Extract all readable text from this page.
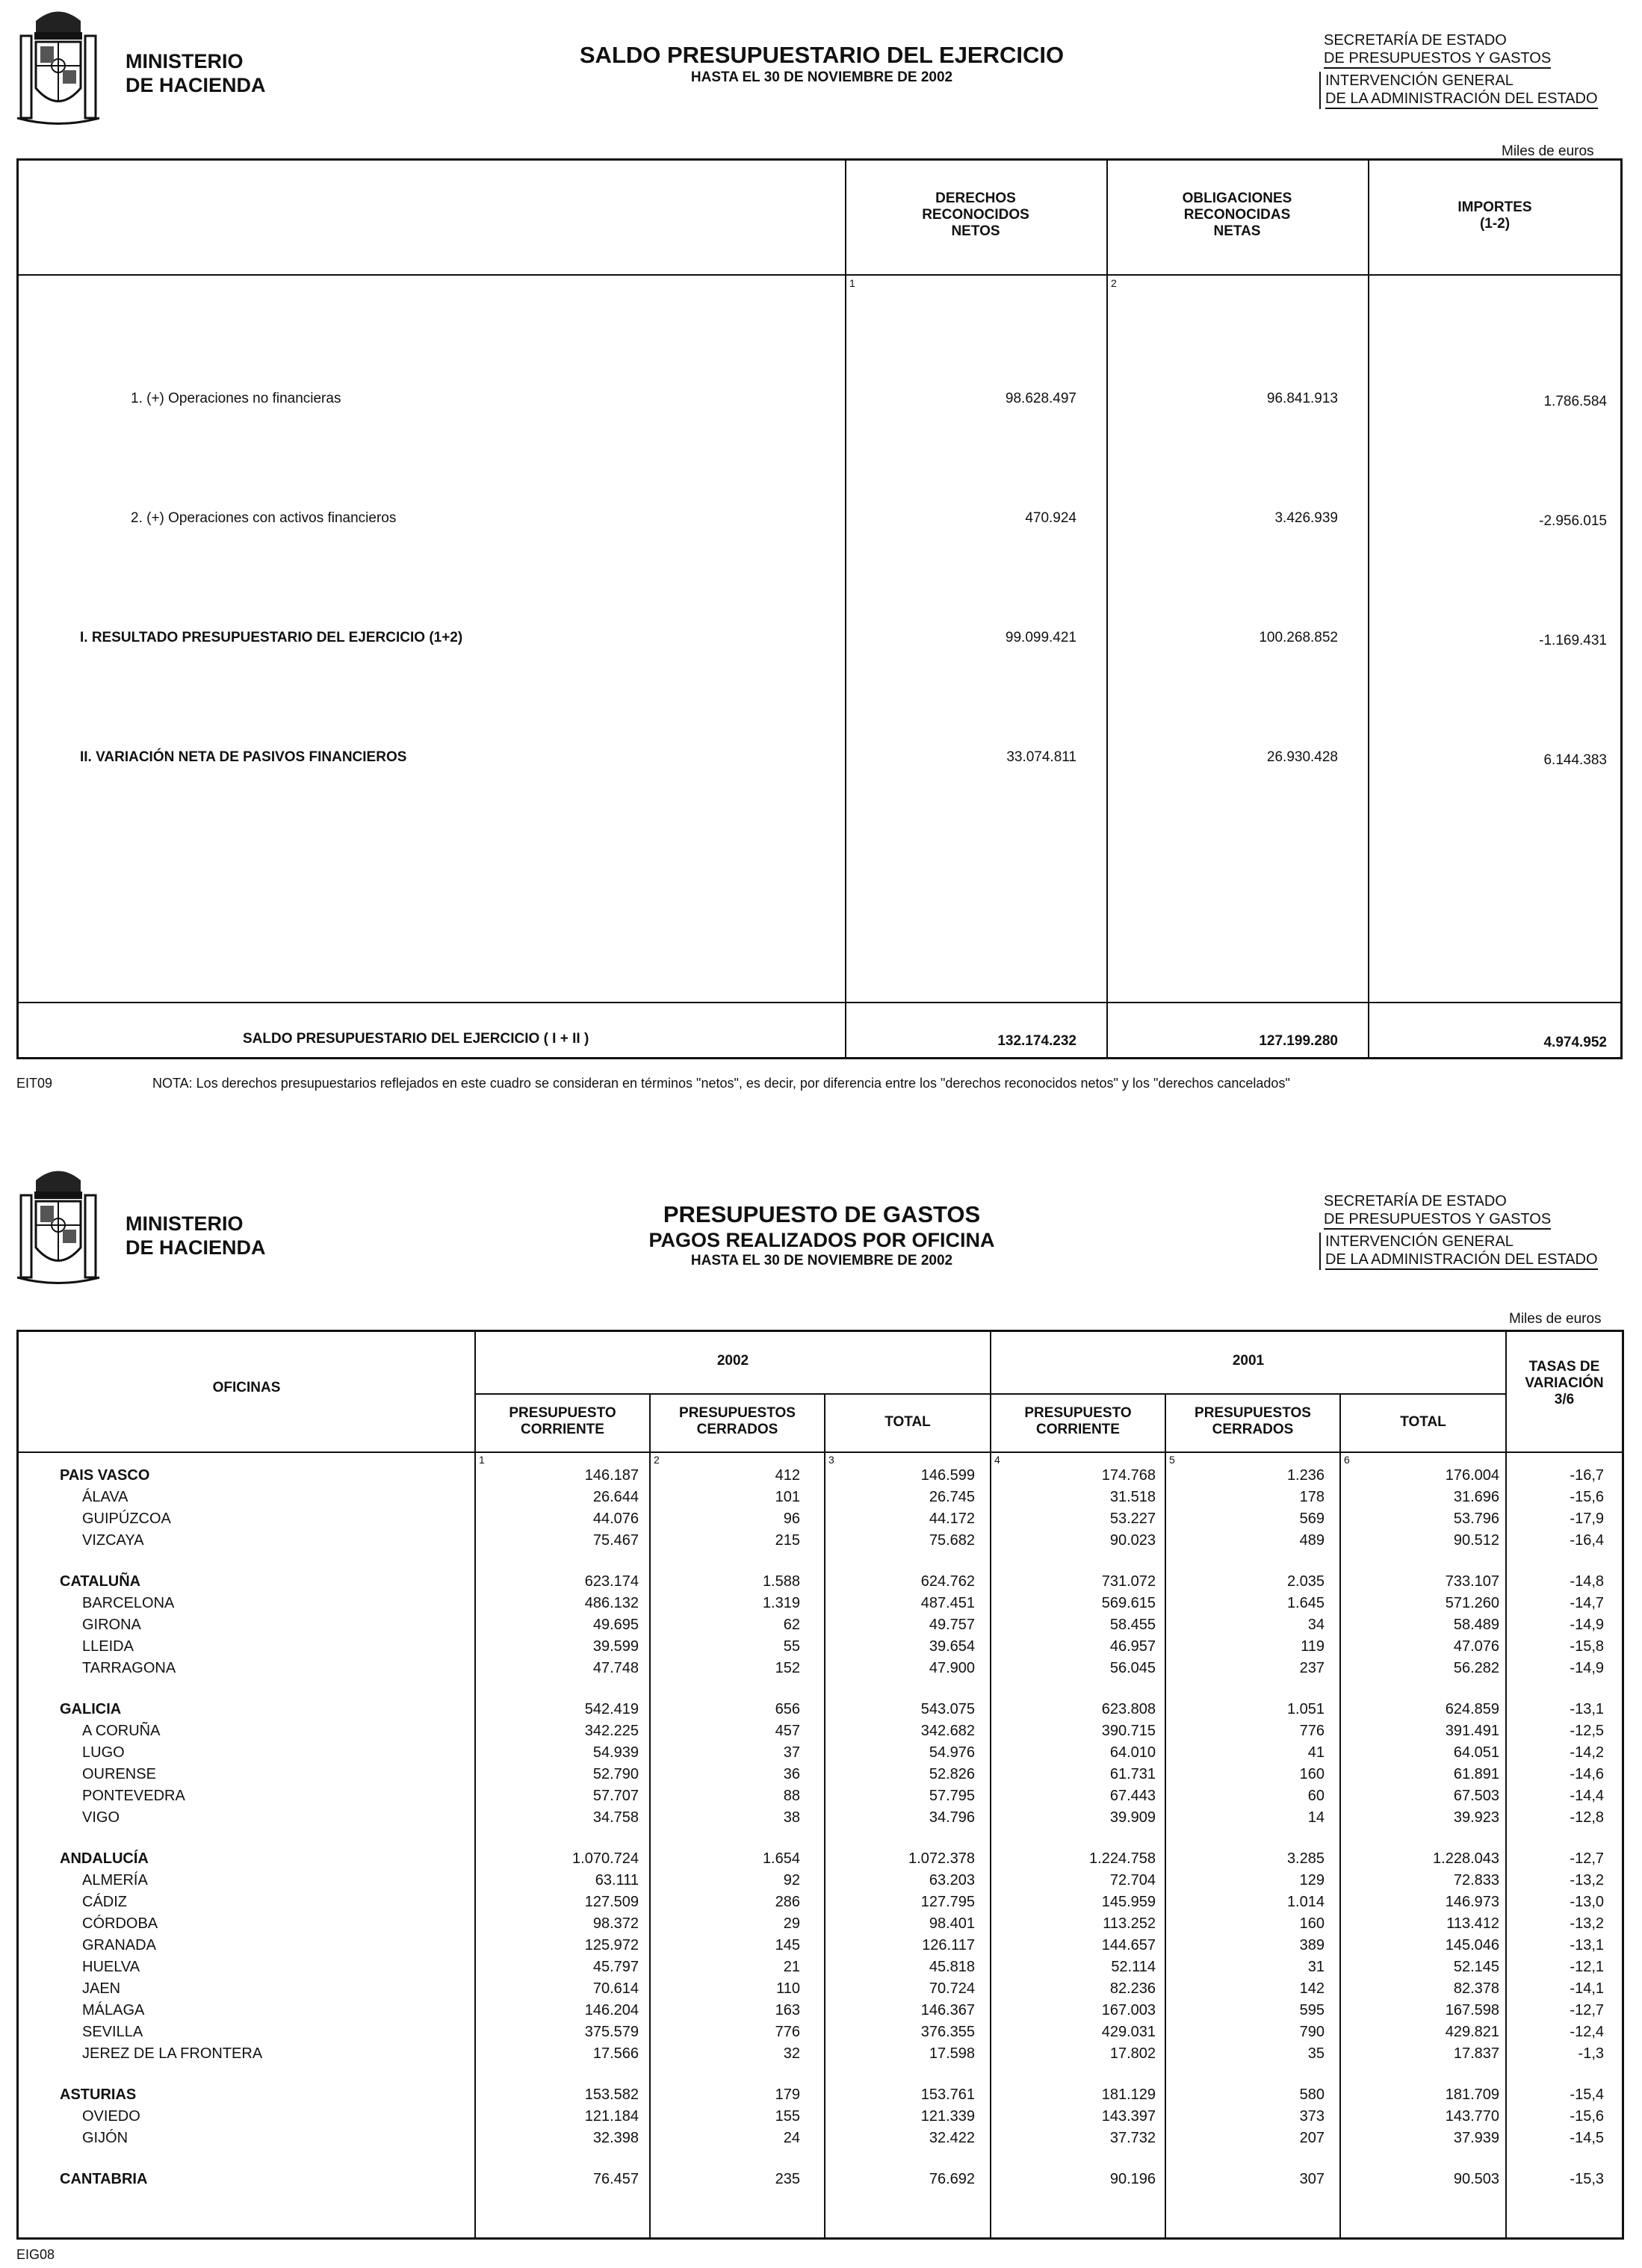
MINISTERIO
DE HACIENDA
SALDO PRESUPUESTARIO DEL EJERCICIO
HASTA EL 30 DE NOVIEMBRE DE 2002
SECRETARÍA DE ESTADO
DE PRESUPUESTOS Y GASTOS
INTERVENCIÓN GENERAL
DE LA ADMINISTRACIÓN DEL ESTADO
Miles de euros
DERECHOS
RECONOCIDOS
NETOS
OBLIGACIONES
RECONOCIDAS
NETAS
IMPORTES
(1-2)
1	2
1. (+) Operaciones no financieras	98.628.497	96.841.913	1.786.584
2. (+) Operaciones con activos financieros	470.924	3.426.939	-2.956.015
I. RESULTADO PRESUPUESTARIO DEL EJERCICIO (1+2)	99.099.421	100.268.852	-1.169.431
II. VARIACIÓN NETA DE PASIVOS FINANCIEROS	33.074.811	26.930.428	6.144.383
SALDO PRESUPUESTARIO DEL EJERCICIO ( I + II )	132.174.232	127.199.280	4.974.952
EIT09	NOTA: Los derechos presupuestarios reflejados en este cuadro se consideran en términos "netos", es decir, por diferencia entre los "derechos reconocidos netos" y los "derechos cancelados"
MINISTERIO
DE HACIENDA
PRESUPUESTO DE GASTOS
PAGOS REALIZADOS POR OFICINA
HASTA EL 30 DE NOVIEMBRE DE 2002
SECRETARÍA DE ESTADO
DE PRESUPUESTOS Y GASTOS
INTERVENCIÓN GENERAL
DE LA ADMINISTRACIÓN DEL ESTADO
Miles de euros
OFICINAS
2002	2001	TASAS DE
VARIACIÓN
3/6
PRESUPUESTO
CORRIENTE
PRESUPUESTOS
CERRADOS	TOTAL
PRESUPUESTO
CORRIENTE
PRESUPUESTOS
CERRADOS	TOTAL
1	2	3	4	5	6
PAIS VASCO	146.187	412	146.599	174.768	1.236	176.004	-16,7
ÁLAVA	26.644	101	26.745	31.518	178	31.696	-15,6
GUIPÚZCOA	44.076	96	44.172	53.227	569	53.796	-17,9
VIZCAYA	75.467	215	75.682	90.023	489	90.512	-16,4
CATALUÑA	623.174	1.588	624.762	731.072	2.035	733.107	-14,8
BARCELONA	486.132	1.319	487.451	569.615	1.645	571.260	-14,7
GIRONA	49.695	62	49.757	58.455	34	58.489	-14,9
LLEIDA	39.599	55	39.654	46.957	119	47.076	-15,8
TARRAGONA	47.748	152	47.900	56.045	237	56.282	-14,9
GALICIA	542.419	656	543.075	623.808	1.051	624.859	-13,1
A CORUÑA	342.225	457	342.682	390.715	776	391.491	-12,5
LUGO	54.939	37	54.976	64.010	41	64.051	-14,2
OURENSE	52.790	36	52.826	61.731	160	61.891	-14,6
PONTEVEDRA	57.707	88	57.795	67.443	60	67.503	-14,4
VIGO	34.758	38	34.796	39.909	14	39.923	-12,8
ANDALUCÍA	1.070.724	1.654	1.072.378	1.224.758	3.285	1.228.043	-12,7
ALMERÍA	63.111	92	63.203	72.704	129	72.833	-13,2
CÁDIZ	127.509	286	127.795	145.959	1.014	146.973	-13,0
CÓRDOBA	98.372	29	98.401	113.252	160	113.412	-13,2
GRANADA	125.972	145	126.117	144.657	389	145.046	-13,1
HUELVA	45.797	21	45.818	52.114	31	52.145	-12,1
JAEN	70.614	110	70.724	82.236	142	82.378	-14,1
MÁLAGA	146.204	163	146.367	167.003	595	167.598	-12,7
SEVILLA	375.579	776	376.355	429.031	790	429.821	-12,4
JEREZ DE LA FRONTERA	17.566	32	17.598	17.802	35	17.837	-1,3
ASTURIAS	153.582	179	153.761	181.129	580	181.709	-15,4
OVIEDO	121.184	155	121.339	143.397	373	143.770	-15,6
GIJÓN	32.398	24	32.422	37.732	207	37.939	-14,5
CANTABRIA	76.457	235	76.692	90.196	307	90.503	-15,3
EIG08
